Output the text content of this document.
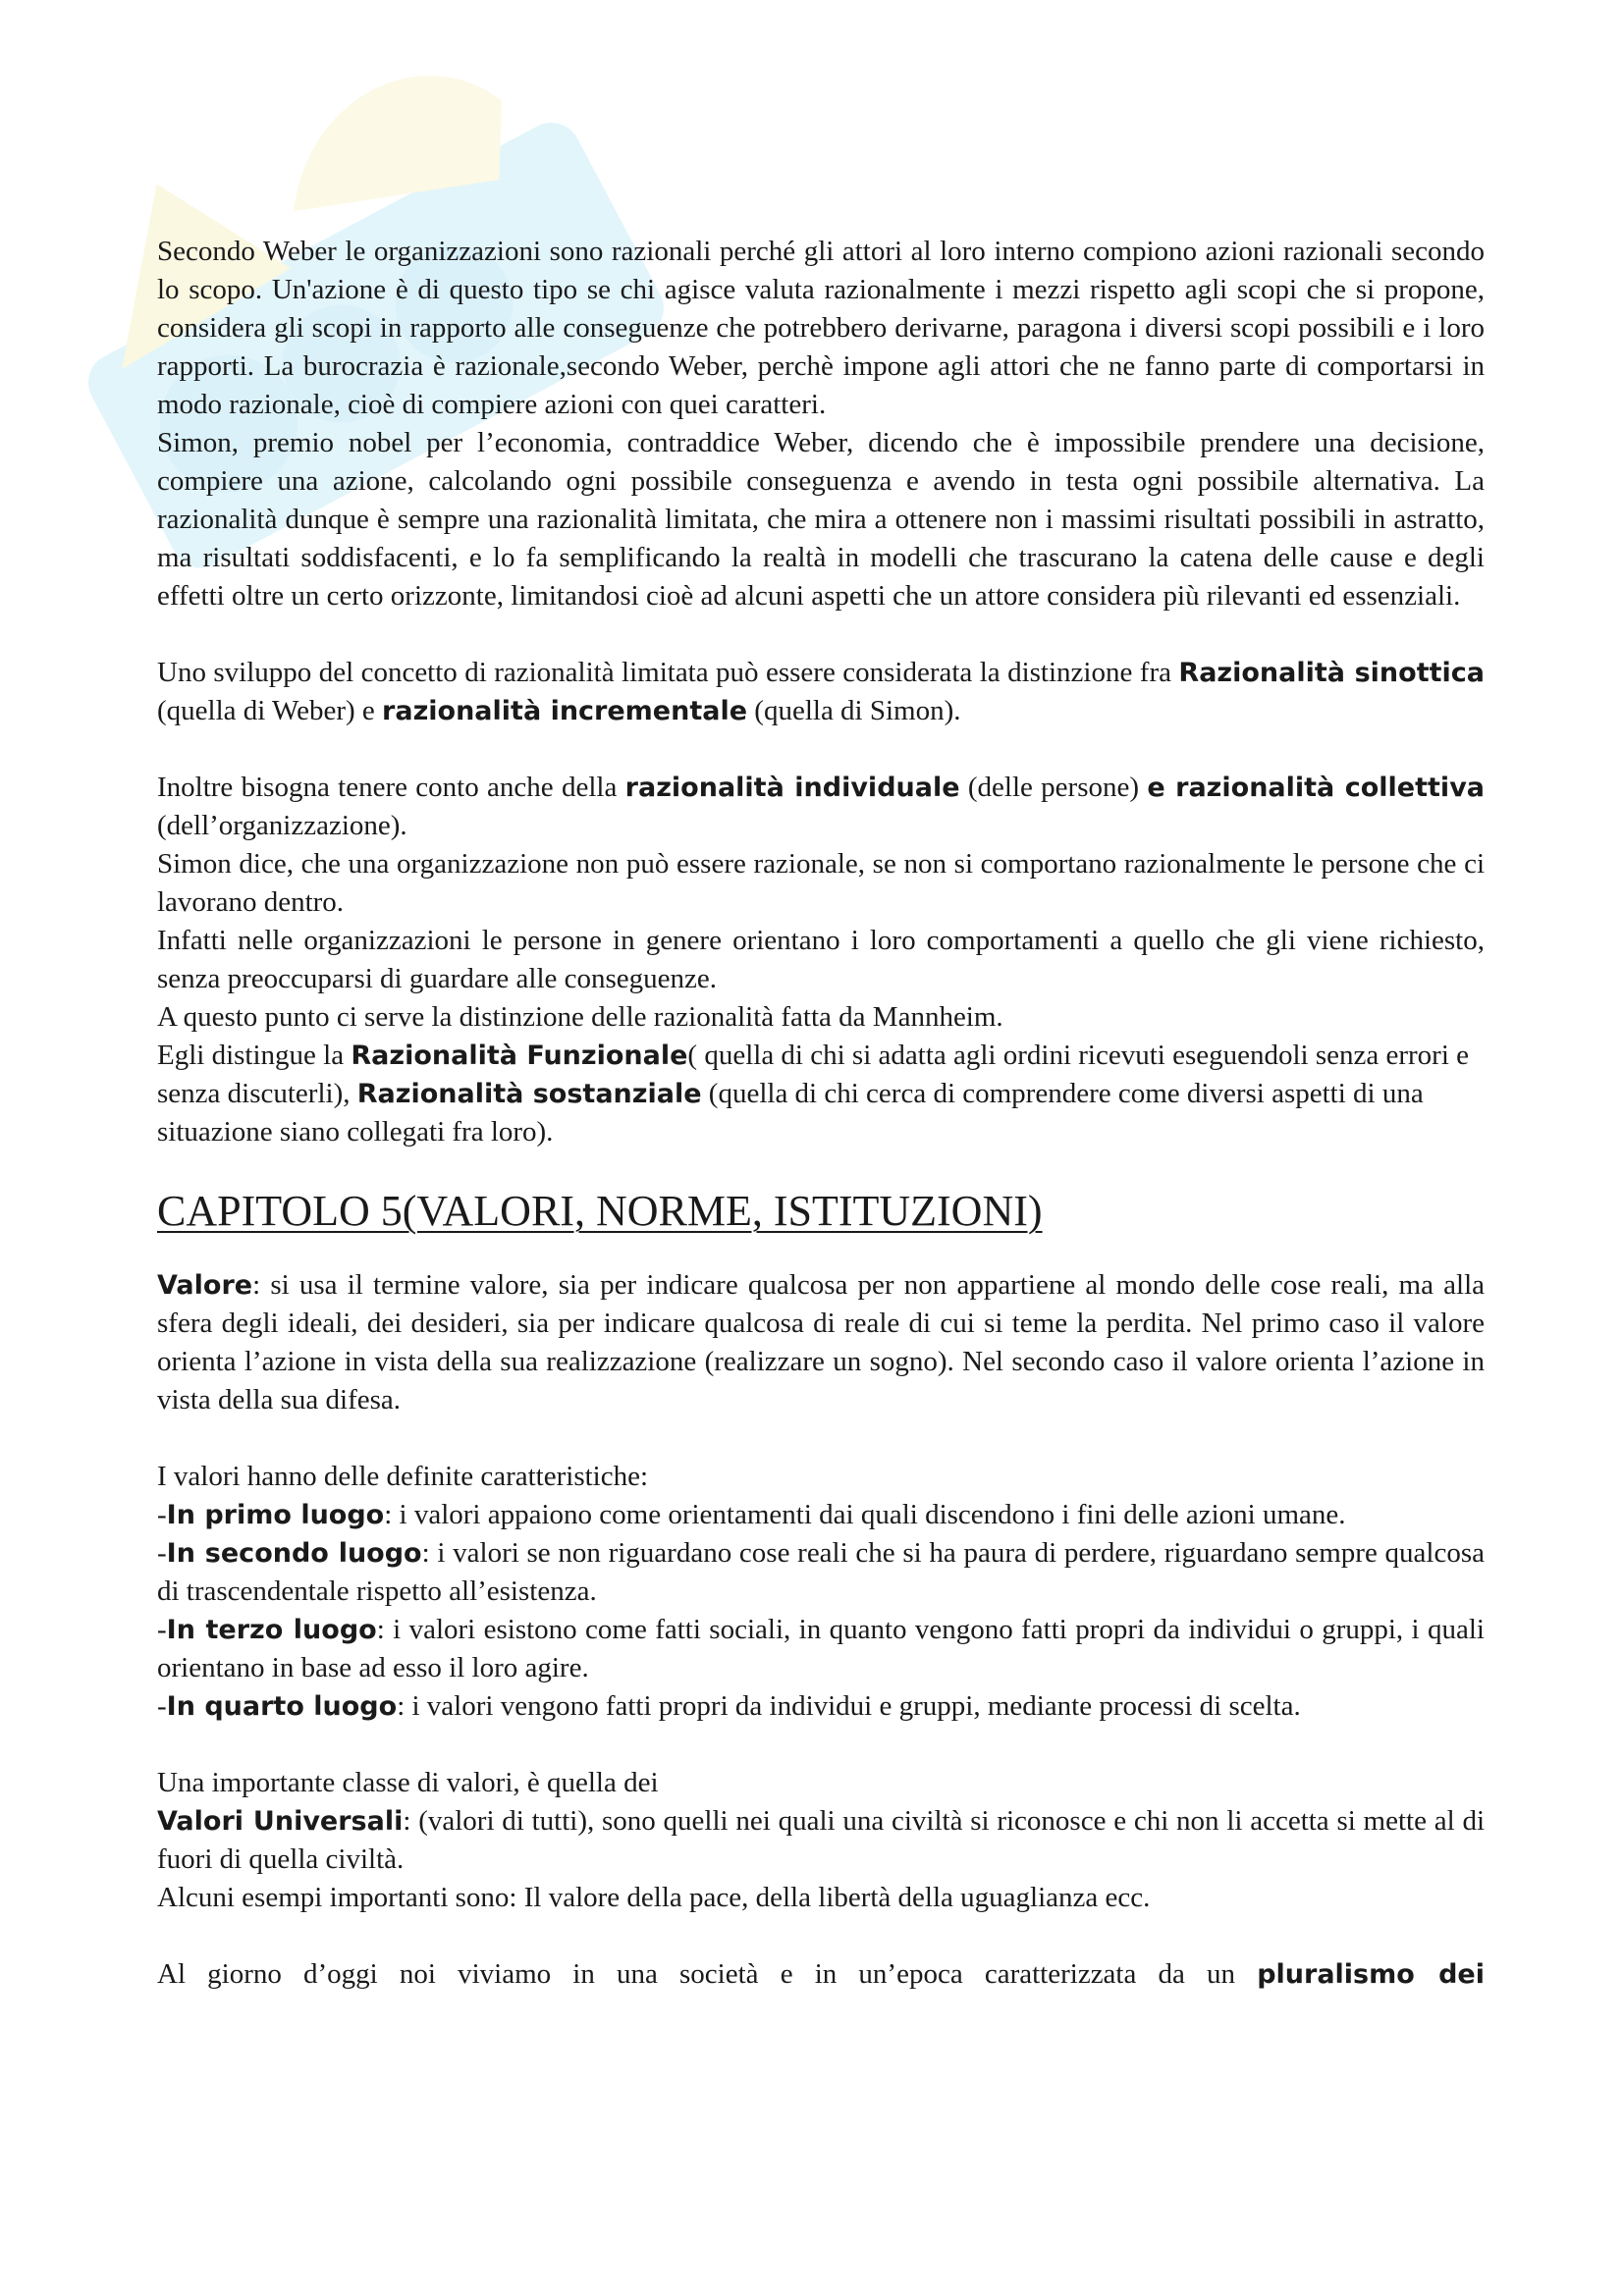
Secondo Weber le organizzazioni sono razionali perché gli attori al loro interno compiono azioni razionali secondo lo scopo. Un'azione è di questo tipo se chi agisce valuta razionalmente i mezzi rispetto agli scopi che si propone, considera gli scopi in rapporto alle conseguenze che potrebbero derivarne, paragona i diversi scopi possibili e i loro rapporti. La burocrazia è razionale,secondo Weber, perchè impone agli attori che ne fanno parte di comportarsi in modo razionale, cioè di compiere azioni con quei caratteri.

Simon, premio nobel per l’economia, contraddice Weber, dicendo che è impossibile prendere una decisione, compiere una azione, calcolando ogni possibile conseguenza e avendo in testa ogni possibile alternativa. La razionalità dunque è sempre una razionalità limitata, che mira a ottenere non i massimi risultati possibili in astratto, ma risultati soddisfacenti, e lo fa semplificando la realtà in modelli che trascurano la catena delle cause e degli effetti oltre un certo orizzonte, limitandosi cioè ad alcuni aspetti che un attore considera più rilevanti ed essenziali.

Uno sviluppo del concetto di razionalità limitata può essere considerata la distinzione fra Razionalità sinottica (quella di Weber) e razionalità incrementale (quella di Simon).

Inoltre bisogna tenere conto anche della razionalità individuale (delle persone) e razionalità collettiva (dell’organizzazione).

Simon dice, che una organizzazione non può essere razionale, se non si comportano razionalmente le persone che ci lavorano dentro.

Infatti nelle organizzazioni le persone in genere orientano i loro comportamenti a quello che gli viene richiesto, senza preoccuparsi di guardare alle conseguenze.

A questo punto ci serve la distinzione delle razionalità fatta da Mannheim.

Egli distingue la Razionalità Funzionale( quella di chi si adatta agli ordini ricevuti eseguendoli senza errori e senza discuterli), Razionalità sostanziale (quella di chi cerca di comprendere come diversi aspetti di una situazione siano collegati fra loro).

CAPITOLO 5(VALORI, NORME, ISTITUZIONI)

Valore: si usa il termine valore, sia per indicare qualcosa per non appartiene al mondo delle cose reali, ma alla sfera degli ideali, dei desideri, sia per indicare qualcosa di reale di cui si teme la perdita. Nel primo caso il valore orienta l’azione in vista della sua realizzazione (realizzare un sogno). Nel secondo caso il valore orienta l’azione in vista della sua difesa.

I valori hanno delle definite caratteristiche:

-In primo luogo: i valori appaiono come orientamenti dai quali discendono i fini delle azioni umane.

-In secondo luogo: i valori se non riguardano cose reali che si ha paura di perdere, riguardano sempre qualcosa di trascendentale rispetto all’esistenza.

-In terzo luogo: i valori esistono come fatti sociali, in quanto vengono fatti propri da individui o gruppi, i quali orientano in base ad esso il loro agire.

-In quarto luogo: i valori vengono fatti propri da individui e gruppi, mediante processi di scelta.

Una importante classe di valori, è quella dei

Valori Universali: (valori di tutti), sono quelli nei quali una civiltà si riconosce e chi non li accetta si mette al di fuori di quella civiltà.

Alcuni esempi importanti sono: Il valore della pace, della libertà della uguaglianza ecc.

Al giorno d’oggi noi viviamo in una società e in un’epoca caratterizzata da un pluralismo dei
